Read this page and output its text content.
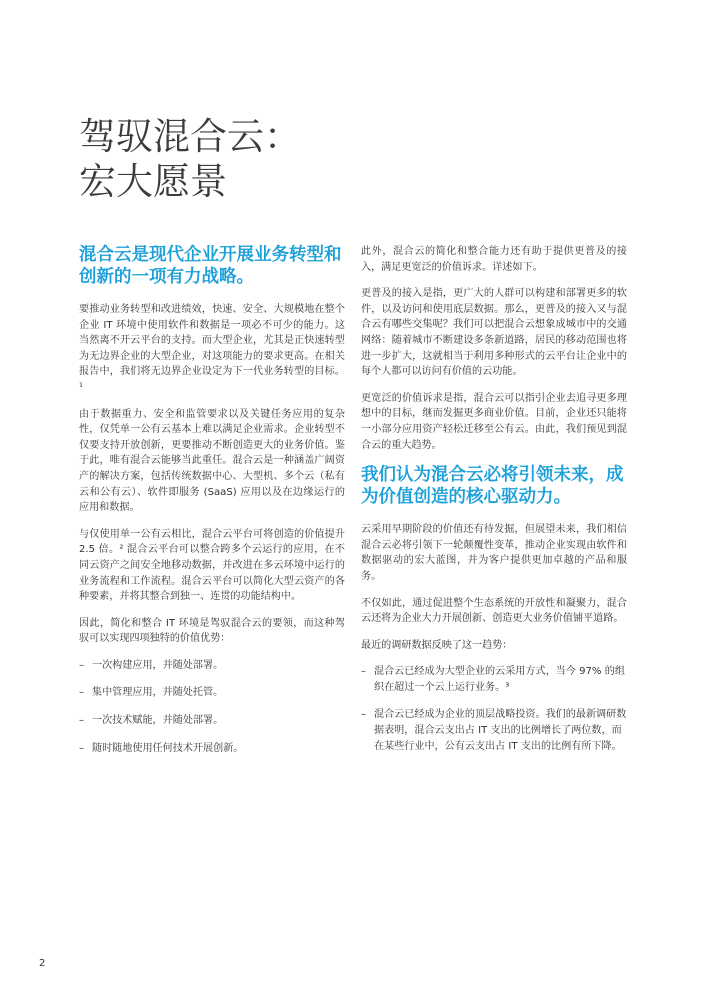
驾驭混合云：
宏大愿景
混合云是现代企业开展业务转型和创新的一项有力战略。

要推动业务转型和改进绩效，快速、安全、大规模地在整个企业 IT 环境中使用软件和数据是一项必不可少的能力。这当然离不开云平台的支持。而大型企业，尤其是正快速转型为无边界企业的大型企业，对这项能力的要求更高。在相关报告中，我们将无边界企业设定为下一代业务转型的目标。¹

由于数据重力、安全和监管要求以及关键任务应用的复杂性，仅凭单一公有云基本上难以满足企业需求。企业转型不仅要支持开放创新，更要推动不断创造更大的业务价值。鉴于此，唯有混合云能够当此重任。混合云是一种涵盖广阔资产的解决方案，包括传统数据中心、大型机、多个云（私有云和公有云）、软件即服务 (SaaS) 应用以及在边缘运行的应用和数据。

与仅使用单一公有云相比，混合云平台可将创造的价值提升 2.5 倍。² 混合云平台可以整合跨多个云运行的应用，在不同云资产之间安全地移动数据，并改进在多云环境中运行的业务流程和工作流程。混合云平台可以简化大型云资产的各种要素，并将其整合到独一、连贯的功能结构中。

因此，简化和整合 IT 环境是驾驭混合云的要领，而这种驾驭可以实现四项独特的价值优势：

– 一次构建应用，并随处部署。
– 集中管理应用，并随处托管。
– 一次技术赋能，并随处部署。
– 随时随地使用任何技术开展创新。

此外，混合云的简化和整合能力还有助于提供更普及的接入，满足更宽泛的价值诉求。详述如下。

更普及的接入是指，更广大的人群可以构建和部署更多的软件，以及访问和使用底层数据。那么，更普及的接入又与混合云有哪些交集呢？我们可以把混合云想象成城市中的交通网络：随着城市不断建设多条新道路，居民的移动范围也将进一步扩大，这就相当于利用多种形式的云平台让企业中的每个人都可以访问有价值的云功能。

更宽泛的价值诉求是指，混合云可以指引企业去追寻更多理想中的目标，继而发掘更多商业价值。目前，企业还只能将一小部分应用资产轻松迁移至公有云。由此，我们预见到混合云的重大趋势。

我们认为混合云必将引领未来，成为价值创造的核心驱动力。

云采用早期阶段的价值还有待发掘，但展望未来，我们相信混合云必将引领下一轮颠覆性变革，推动企业实现由软件和数据驱动的宏大蓝图，并为客户提供更加卓越的产品和服务。

不仅如此，通过促进整个生态系统的开放性和凝聚力，混合云还将为企业大力开展创新、创造更大业务价值铺平道路。

最近的调研数据反映了这一趋势：

– 混合云已经成为大型企业的云采用方式，当今 97% 的组织在超过一个云上运行业务。³
– 混合云已经成为企业的顶层战略投资。我们的最新调研数据表明，混合云支出占 IT 支出的比例增长了两位数，而在某些行业中，公有云支出占 IT 支出的比例有所下降。
2
